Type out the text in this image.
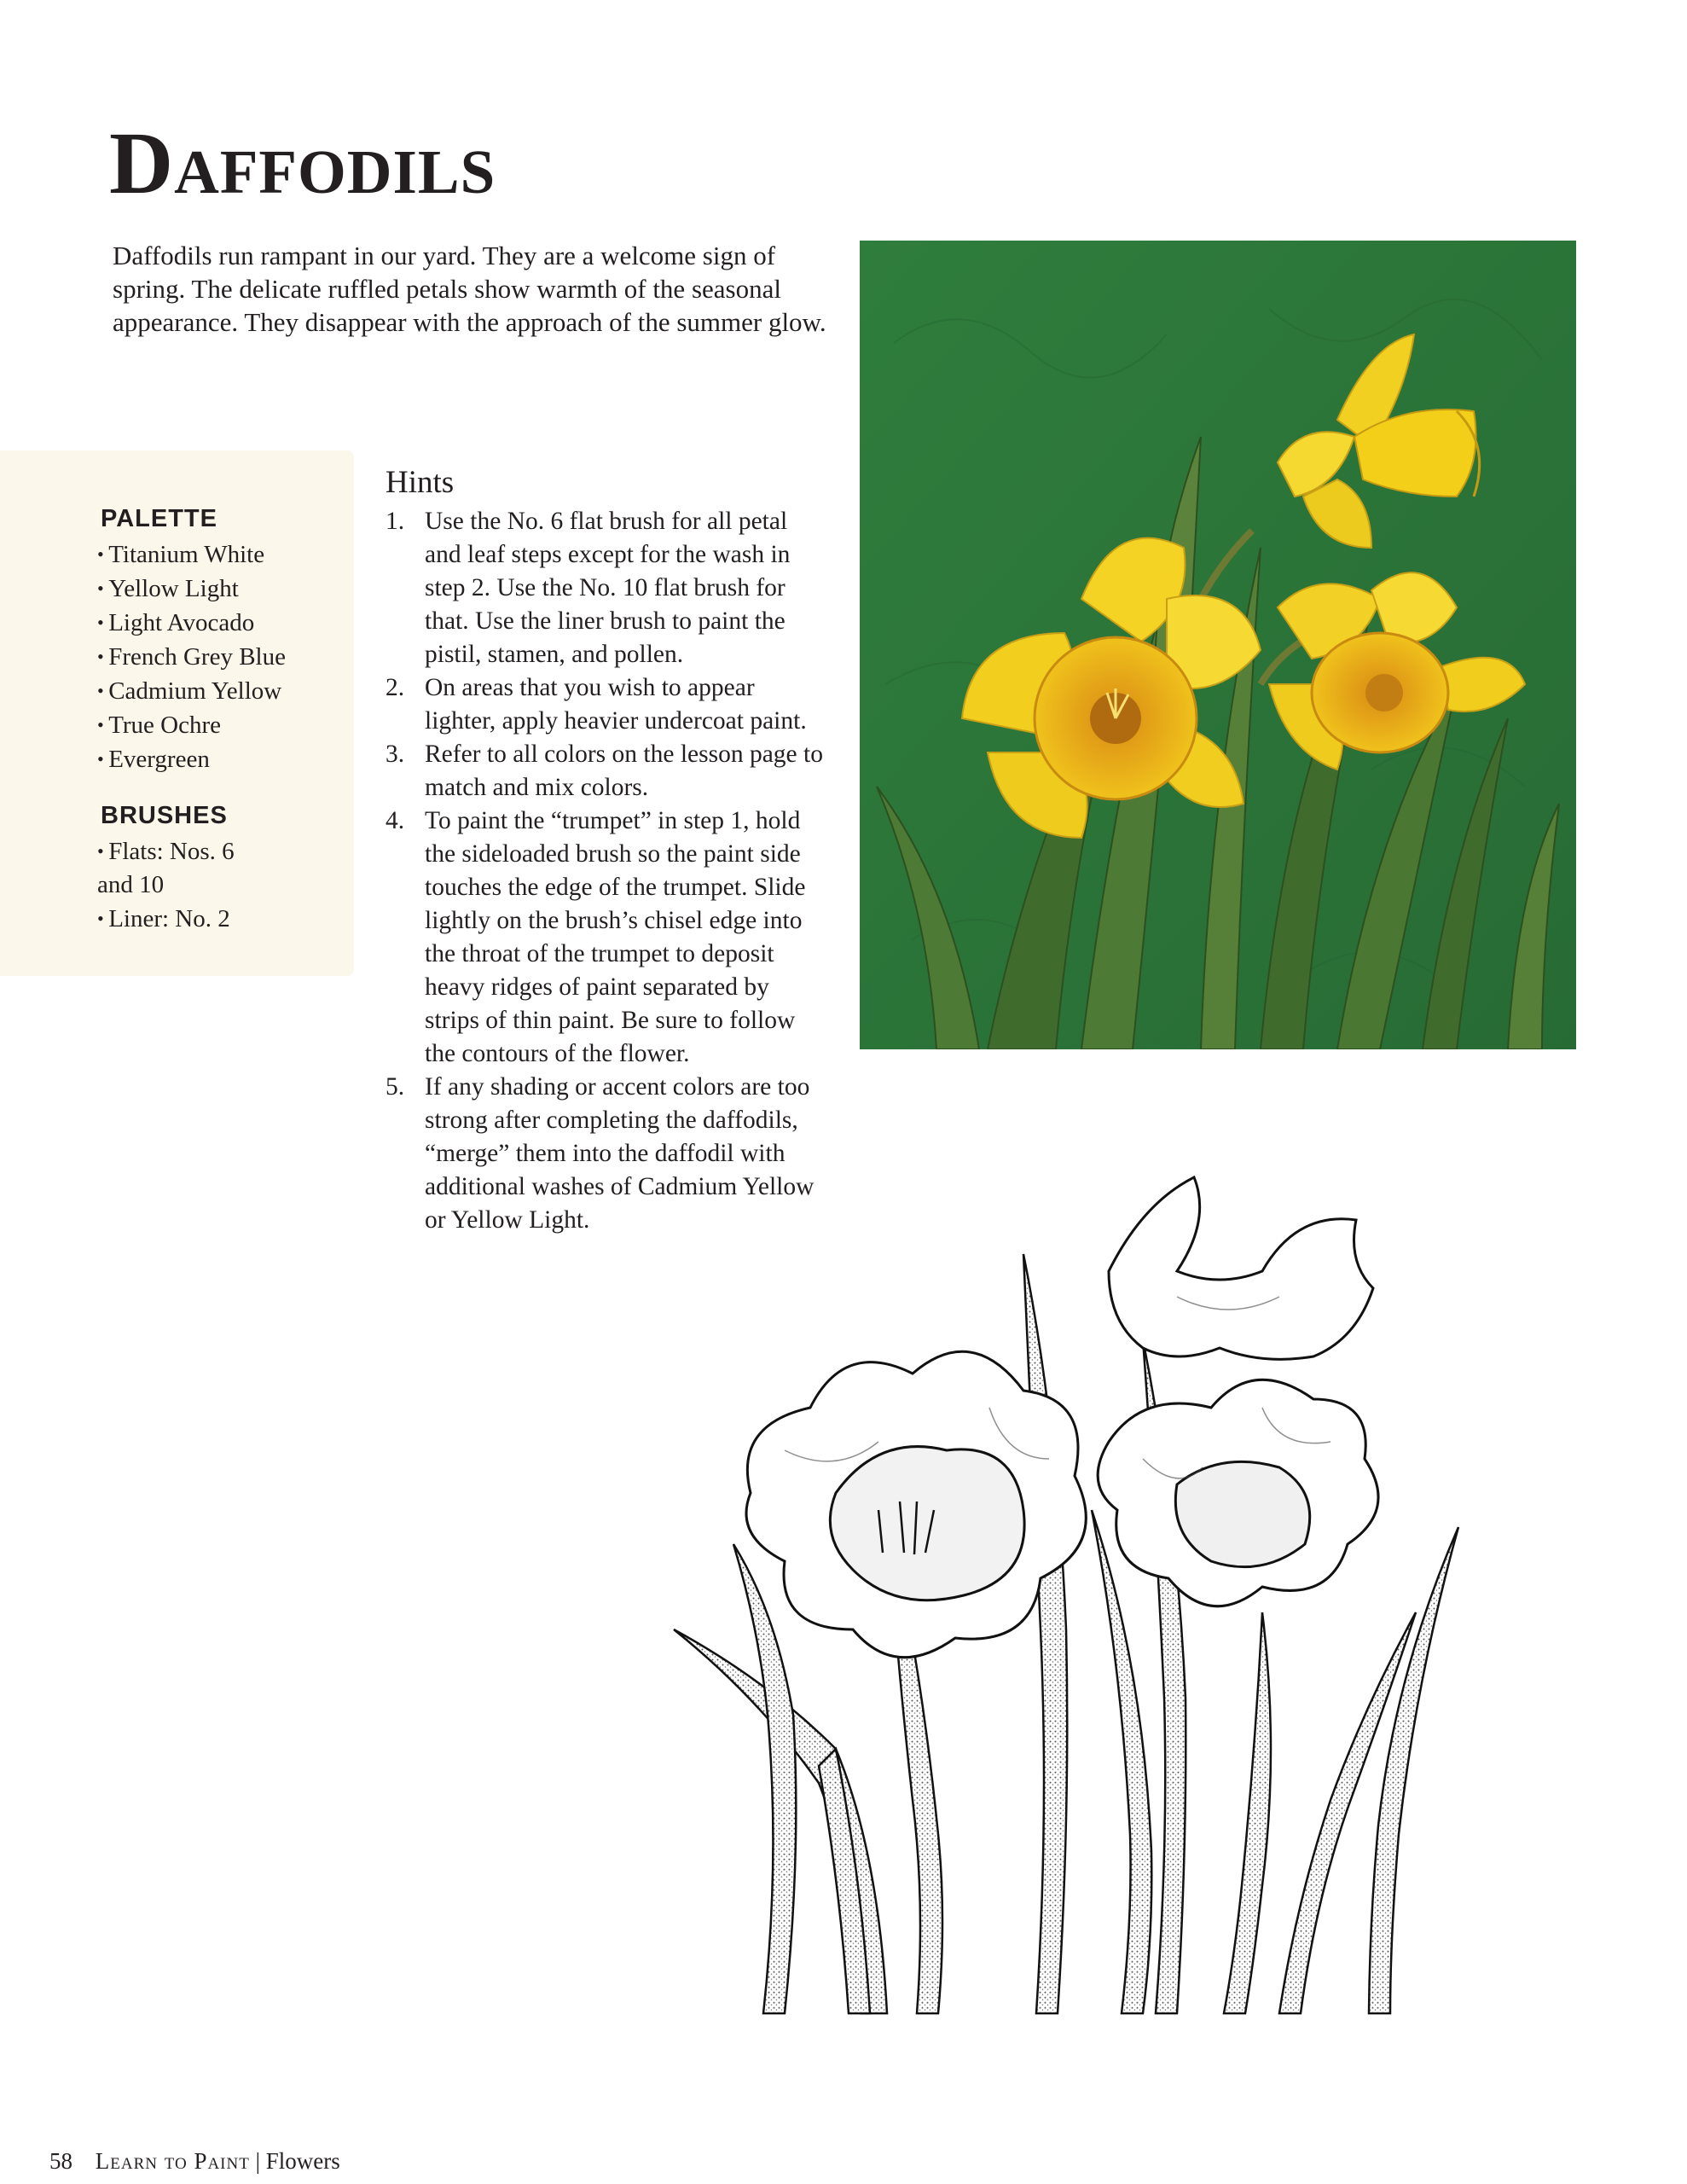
Daffodils

Daffodils run rampant in our yard. They are a welcome sign of spring. The delicate ruffled petals show warmth of the seasonal appearance. They disappear with the approach of the summer glow.

PALETTE
• Titanium White
• Yellow Light
• Light Avocado
• French Grey Blue
• Cadmium Yellow
• True Ochre
• Evergreen
BRUSHES
• Flats: Nos. 6 and 10
• Liner: No. 2
Hints
1. Use the No. 6 flat brush for all petal and leaf steps except for the wash in step 2. Use the No. 10 flat brush for that. Use the liner brush to paint the pistil, stamen, and pollen.
2. On areas that you wish to appear lighter, apply heavier undercoat paint.
3. Refer to all colors on the lesson page to match and mix colors.
4. To paint the “trumpet” in step 1, hold the sideloaded brush so the paint side touches the edge of the trumpet. Slide lightly on the brush’s chisel edge into the throat of the trumpet to deposit heavy ridges of paint separated by strips of thin paint. Be sure to follow the contours of the flower.
5. If any shading or accent colors are too strong after completing the daffodils, “merge” them into the daffodil with additional washes of Cadmium Yellow or Yellow Light.

58 Learn to Paint | Flowers
